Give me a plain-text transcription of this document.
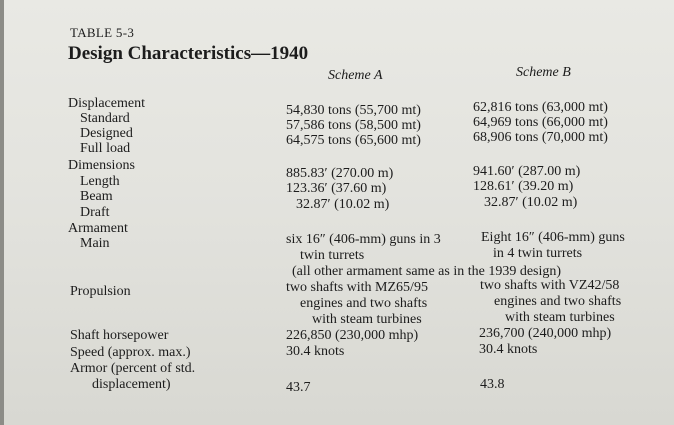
TABLE 5-3
Design Characteristics—1940
Scheme A	Scheme B
Displacement
Standard
Designed
Full load
Dimensions
Length
Beam
Draft
Armament
Main
Propulsion
Shaft horsepower
Speed (approx. max.)
Armor (percent of std.
displacement)
54,830 tons (55,700 mt)
57,586 tons (58,500 mt)
64,575 tons (65,600 mt)
885.83′ (270.00 m)
123.36′ (37.60 m)
32.87′ (10.02 m)
six 16″ (406-mm) guns in 3
twin turrets
(all other armament same as in the 1939 design)
two shafts with MZ65/95
engines and two shafts
with steam turbines
226,850 (230,000 mhp)
30.4 knots
43.7
62,816 tons (63,000 mt)
64,969 tons (66,000 mt)
68,906 tons (70,000 mt)
941.60′ (287.00 m)
128.61′ (39.20 m)
32.87′ (10.02 m)
Eight 16″ (406-mm) guns
in 4 twin turrets
two shafts with VZ42/58
engines and two shafts
with steam turbines
236,700 (240,000 mhp)
30.4 knots
43.8
